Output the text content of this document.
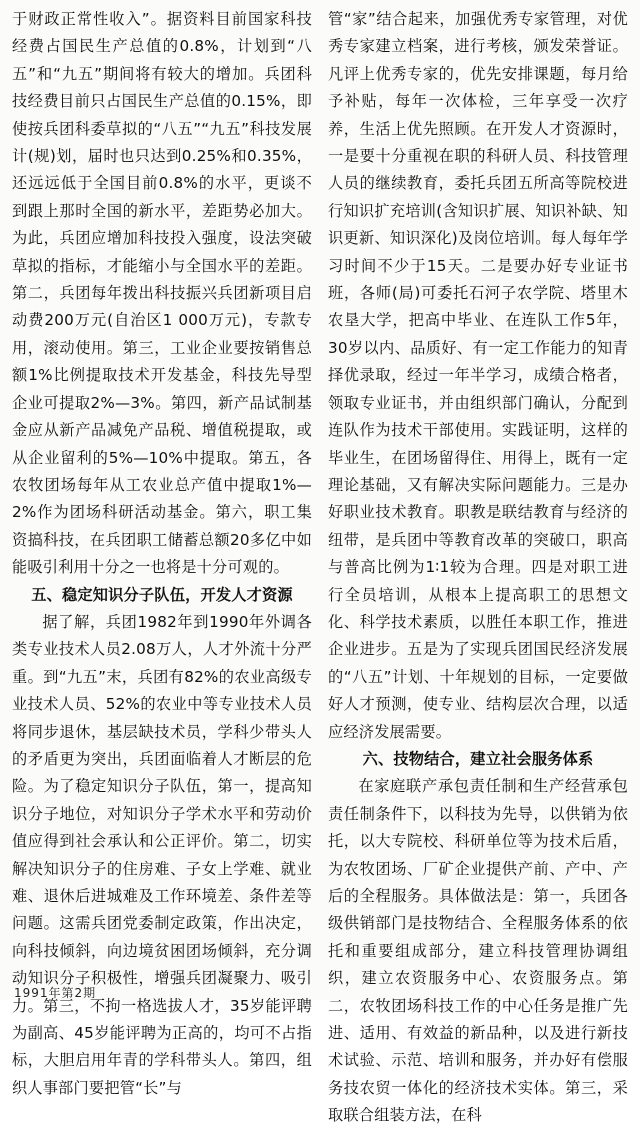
于财政正常性收入”。据资料目前国家科技经费占国民生产总值的0.8%，计划到“八五”和“九五”期间将有较大的增加。兵团科技经费目前只占国民生产总值的0.15%，即使按兵团科委草拟的“八五”“九五”科技发展计(规)划，届时也只达到0.25%和0.35%，还远远低于全国目前0.8%的水平，更谈不到跟上那时全国的新水平，差距势必加大。为此，兵团应增加科技投入强度，设法突破草拟的指标，才能缩小与全国水平的差距。第二，兵团每年拨出科技振兴兵团新项目启动费200万元(自治区1 000万元)，专款专用，滚动使用。第三，工业企业要按销售总额1%比例提取技术开发基金，科技先导型企业可提取2%—3%。第四，新产品试制基金应从新产品减免产品税、增值税提取，或从企业留利的5%—10%中提取。第五，各农牧团场每年从工农业总产值中提取1%—2%作为团场科研活动基金。第六，职工集资搞科技，在兵团职工储蓄总额20多亿中如能吸引利用十分之一也将是十分可观的。

五、稳定知识分子队伍，开发人才资源

据了解，兵团1982年到1990年外调各类专业技术人员2.08万人，人才外流十分严重。到“九五”末，兵团有82%的农业高级专业技术人员、52%的农业中等专业技术人员将同步退休，基层缺技术员，学科少带头人的矛盾更为突出，兵团面临着人才断层的危险。为了稳定知识分子队伍，第一，提高知识分子地位，对知识分子学术水平和劳动价值应得到社会承认和公正评价。第二，切实解决知识分子的住房难、子女上学难、就业难、退休后进城难及工作环境差、条件差等问题。这需兵团党委制定政策，作出决定，向科技倾斜，向边境贫困团场倾斜，充分调动知识分子积极性，增强兵团凝聚力、吸引力。第三，不拘一格选拔人才，35岁能评聘为副高、45岁能评聘为正高的，均可不占指标，大胆启用年青的学科带头人。第四，组织人事部门要把管“长”与

管“家”结合起来，加强优秀专家管理，对优秀专家建立档案，进行考核，颁发荣誉证。凡评上优秀专家的，优先安排课题，每月给予补贴，每年一次体检，三年享受一次疗养，生活上优先照顾。在开发人才资源时，一是要十分重视在职的科研人员、科技管理人员的继续教育，委托兵团五所高等院校进行知识扩充培训(含知识扩展、知识补缺、知识更新、知识深化)及岗位培训。每人每年学习时间不少于15天。二是要办好专业证书班，各师(局)可委托石河子农学院、塔里木农垦大学，把高中毕业、在连队工作5年，30岁以内、品质好、有一定工作能力的知青择优录取，经过一年半学习，成绩合格者，领取专业证书，并由组织部门确认，分配到连队作为技术干部使用。实践证明，这样的毕业生，在团场留得住、用得上，既有一定理论基础，又有解决实际问题能力。三是办好职业技术教育。职教是联结教育与经济的纽带，是兵团中等教育改革的突破口，职高与普高比例为1∶1较为合理。四是对职工进行全员培训，从根本上提高职工的思想文化、科学技术素质，以胜任本职工作，推进企业进步。五是为了实现兵团国民经济发展的“八五”计划、十年规划的目标，一定要做好人才预测，使专业、结构层次合理，以适应经济发展需要。

六、技物结合，建立社会服务体系

在家庭联产承包责任制和生产经营承包责任制条件下，以科技为先导，以供销为依托，以大专院校、科研单位等为技术后盾，为农牧团场、厂矿企业提供产前、产中、产后的全程服务。具体做法是：第一，兵团各级供销部门是技物结合、全程服务体系的依托和重要组成部分，建立科技管理协调组织，建立农资服务中心、农资服务点。第二，农牧团场科技工作的中心任务是推广先进、适用、有效益的新品种，以及进行新技术试验、示范、培训和服务，并办好有偿服务技农贸一体化的经济技术实体。第三，采取联合组装方法，在科

1991年第2期
